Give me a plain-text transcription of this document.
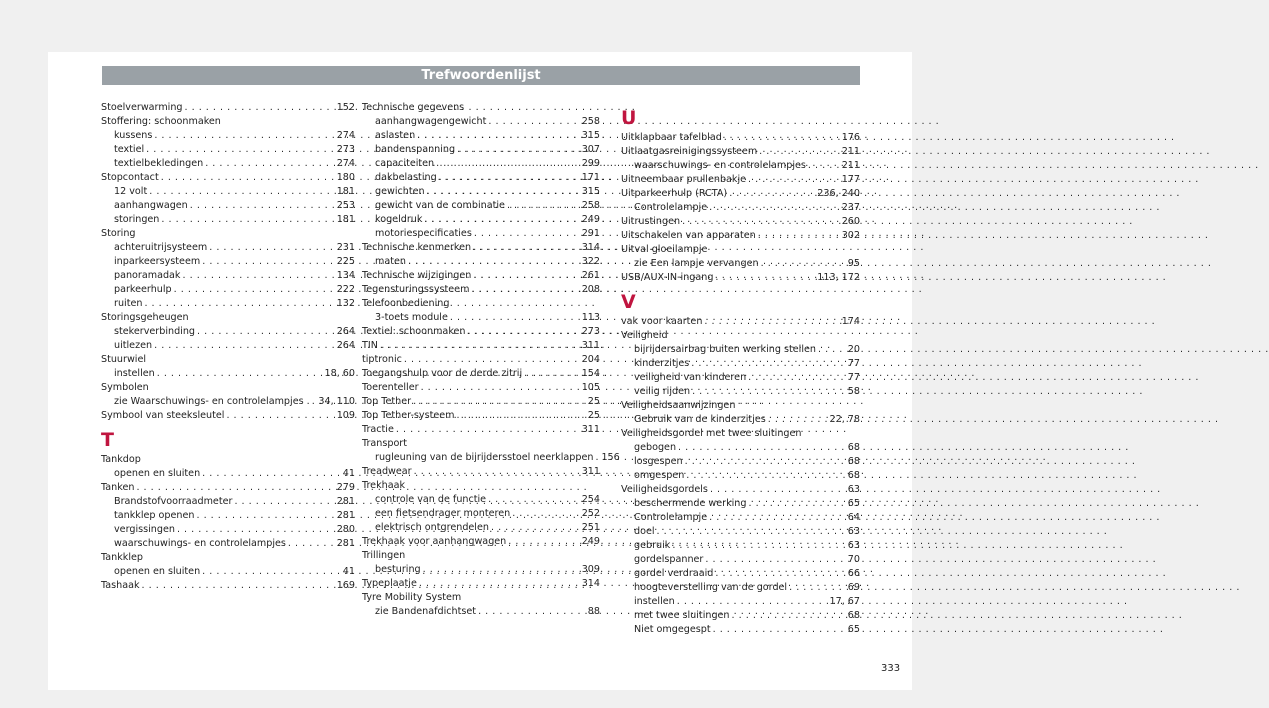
Trefwoordenlijst
Stoelverwarming . . .	152
Stoffering: schoonmaken
kussens . . .	274
textiel . . .	273
textielbekledingen . . .	274
Stopcontact . . .	180
12 volt . . .	181
aanhangwagen . . .	253
storingen . . .	181
Storing
achteruitrijsysteem . . .	231
inparkeersysteem . . .	225
panoramadak . . .	134
parkeerhulp . . .	222
ruiten . . .	132
Storingsgeheugen
stekerverbinding . . .	264
uitlezen . . .	264
Stuurwiel
instellen . . .	18, 60
Symbolen
zie Waarschuwings- en controlelampjes . . . . 34, 110
Symbool van steeksleutel . . .	109
T
Tankdop
openen en sluiten . . .	41
Tanken . . .	279
Brandstofvoorraadmeter . . .	281
tankklep openen . . .	281
vergissingen . . .	280
waarschuwings- en controlelampjes . . .	281
Tankklep
openen en sluiten . . .	41
Tashaak . . .	169
Technische gegevens
aanhangwagengewicht . . .	258
aslasten . . .	315
bandenspanning . . .	307
capaciteiten . . .	299
dakbelasting . . .	171
gewichten . . .	315
gewicht van de combinatie . . .	258
kogeldruk . . .	249
motoriespecificaties . . .	291
Technische kenmerken . . .	314
maten . . .	322
Technische wijzigingen . . .	261
Tegensturingssysteem . . .	208
Telefoonbediening
3-toets module . . .	113
Textiel: schoonmaken . . .	273
TIN . . .	311
tiptronic . . .	204
Toegangshulp voor de derde zitrij . . .	154
Toerenteller . . .	105
Top Tether . . .	25
Top Tether-systeem . . .	25
Tractie . . .	311
Transport
rugleuning van de bijrijdersstoel neerklappen . . . 156
Treadwear . . .	311
Trekhaak
controle van de functie . . .	254
een fietsendrager monteren . . .	252
elektrisch ontgrendelen . . .	251
Trekhaak voor aanhangwagen . . .	249
Trillingen
besturing . . .	309
Typeplaatje . . .	314
Tyre Mobility System
zie Bandenafdichtset . . .	88
U
Uitklapbaar tafelblad . . .	176
Uitlaatgasreinigingssysteem . . .	211
waarschuwings- en controlelampjes . . .	211
Uitneembaar prullenbakje . . .	177
Uitparkeerhulp (RCTA) . . .	236, 240
Controlelampje . . .	237
Uitrustingen . . .	260
Uitschakelen van apparaten . . .	302
Uitval gloeilampje
zie Een lampje vervangen . . .	95
USB/AUX-IN-ingang . . .	113, 172
V
vak voor kaarten . . .	174
Veiligheid
bijrijdersairbag buiten werking stellen . . .	20
kinderzitjes . . .	77
veiligheid van kinderen . . .	77
veilig rijden . . .	58
Veiligheidsaanwijzingen
Gebruik van de kinderzitjes . . .	22, 78
Veiligheidsgordel met twee sluitingen
gebogen . . .	68
losgespen . . .	68
omgespen . . .	68
Veiligheidsgordels . . .	63
beschermende werking . . .	65
Controlelampje . . .	64
doel . . .	63
gebruik . . .	63
gordelspanner . . .	70
gordel verdraaid . . .	66
hoogteverstelling van de gordel . . .	69
instellen . . .	17, 67
met twee sluitingen . . .	68
Niet omgegespt . . .	65
333
